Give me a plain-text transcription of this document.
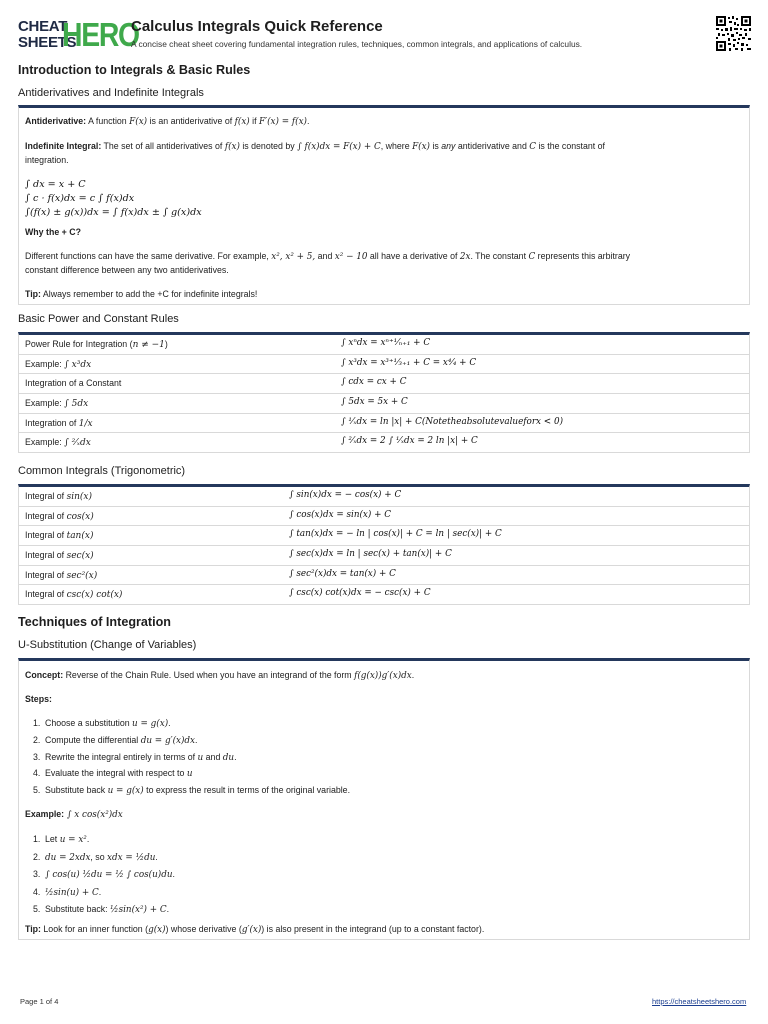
CHEAT
SHEETS
HERO
Calculus Integrals Quick Reference
A concise cheat sheet covering fundamental integration rules, techniques, common integrals, and applications of calculus.
Introduction to Integrals & Basic Rules
Antiderivatives and Indefinite Integrals
Antiderivative: A function F(x) is an antiderivative of f(x) if F′(x) = f(x).
Indefinite Integral: The set of all antiderivatives of f(x) is denoted by ∫ f(x)dx = F(x) + C, where F(x) is any antiderivative and C is the constant of
integration.
∫ dx = x + C
∫ c · f(x)dx = c ∫ f(x)dx
∫(f(x) ± g(x))dx = ∫ f(x)dx ± ∫ g(x)dx
Why the + C?
Different functions can have the same derivative. For example, x², x² + 5, and x² − 10 all have a derivative of 2x. The constant C represents this arbitrary
constant difference between any two antiderivatives.
Tip: Always remember to add the +C for indefinite integrals!
Basic Power and Constant Rules
Power Rule for Integration (n ≠ −1)	∫ xⁿdx = xⁿ⁺¹⁄ₙ₊₁ + C
Example: ∫ x³dx	∫ x³dx = x³⁺¹⁄₃₊₁ + C = x⁴⁄₄ + C
Integration of a Constant	∫ cdx = cx + C
Example: ∫ 5dx	∫ 5dx = 5x + C
Integration of 1/x	∫ ¹⁄ₓdx = ln |x| + C(Notetheabsolutevalueforx < 0)
Example: ∫ ²⁄ₓdx	∫ ²⁄ₓdx = 2 ∫ ¹⁄ₓdx = 2 ln |x| + C
Common Integrals (Trigonometric)
Integral of sin(x)	∫ sin(x)dx = − cos(x) + C
Integral of cos(x)	∫ cos(x)dx = sin(x) + C
Integral of tan(x)	∫ tan(x)dx = − ln | cos(x)| + C = ln | sec(x)| + C
Integral of sec(x)	∫ sec(x)dx = ln | sec(x) + tan(x)| + C
Integral of sec²(x)	∫ sec²(x)dx = tan(x) + C
Integral of csc(x) cot(x)	∫ csc(x) cot(x)dx = − csc(x) + C
Techniques of Integration
U-Substitution (Change of Variables)
Concept: Reverse of the Chain Rule. Used when you have an integrand of the form f(g(x))g′(x)dx.
Steps:
1. Choose a substitution u = g(x).
2. Compute the differential du = g′(x)dx.
3. Rewrite the integral entirely in terms of u and du.
4. Evaluate the integral with respect to u
5. Substitute back u = g(x) to express the result in terms of the original variable.
Example: ∫ x cos(x²)dx
1. Let u = x².
2. du = 2xdx, so xdx = ½du.
3. ∫ cos(u) ½du = ½ ∫ cos(u)du.
4. ½sin(u) + C.
5. Substitute back: ½sin(x²) + C.
Tip: Look for an inner function (g(x)) whose derivative (g′(x)) is also present in the integrand (up to a constant factor).
Page 1 of 4	https://cheatsheetshero.com
